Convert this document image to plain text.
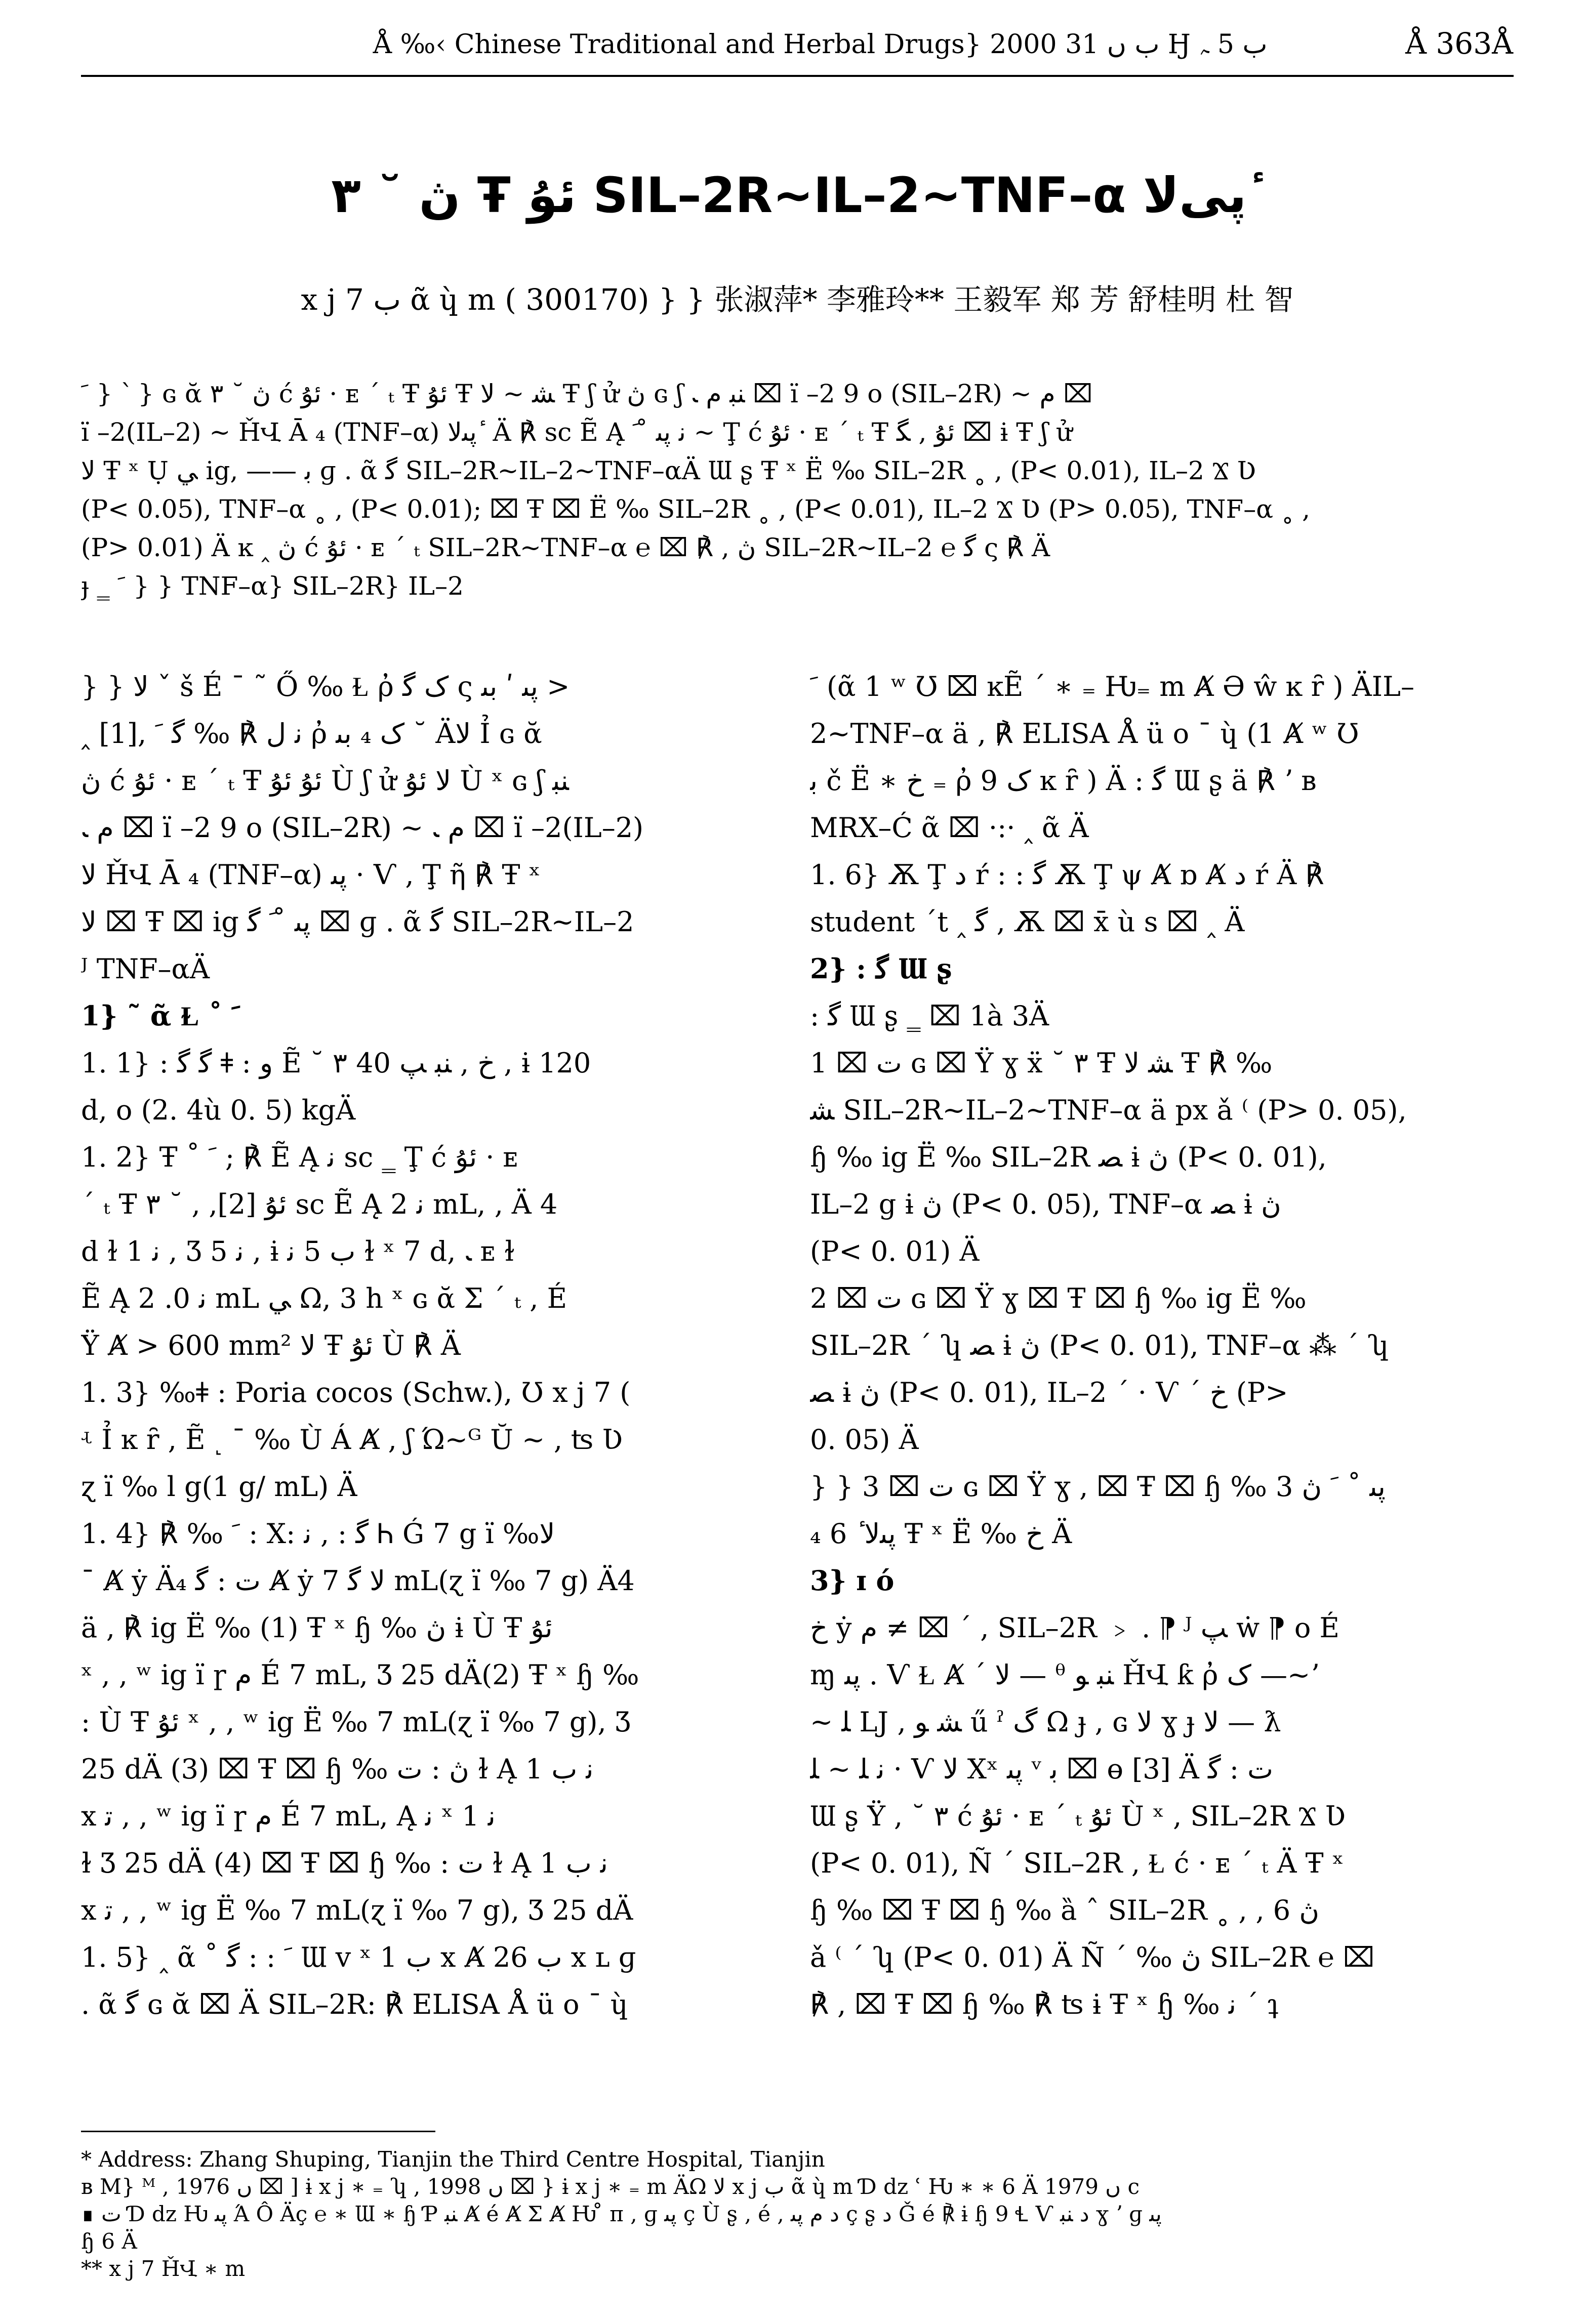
Å ‰‹ Chinese Traditional and Herbal Drugs} 2000 ب ں 31 Ӈ ب 5 ﮧ	Å 363Å
ڽ ˘ ٣ Ŧ ئۇ SIL–2R~IL–2~TNF–α پیﻻ ٔ
x j 7 ب ᾶ ɥ̀ m ( 300170) } } 张淑萍* 李雅玲** 王毅军 郑 芳 舒桂明 杜 智
ﹶ } ՝ } ɢ ᾰ ڽ ˘ ٣ ć ئۇ · ᴇ ´ ₜ Ŧ ئۇ Ŧ ﺸ ~ ﻻ Ŧ ʃ ử ڽ ɢ ʃ ﻨﺒ ﻡ ﹳ ⌧ ï –2 9 o (SIL–2R) ~ ﻡ ⌧
ï –2(IL–2) ~ ȞՎ Ᾱ ₄ (TNF–α) ﭘﯩﻻ ٔ Ä ℟ sc Ẽ Ą ﻧ ﭘﯩ ̊ ﹶ ~ Ţ ć ئۇ · ᴇ ´ ₜ Ŧ ئۇ , ﮕ ⌧ ɨ Ŧ ʃ ử
ﻻ Ŧ ˣ Ụ ﻲ ig, —— ﺑ ɡ . ᾶ ﮔ SIL–2R~IL–2~TNF–αÄ Ɯ ʂ Ŧ ˣ Ë ‰ SIL–2R ˳ ‚ (P< 0.01), IL–2 Ϫ Ʋ
(P< 0.05), TNF–α ˳ ‚ (P< 0.01); ⌧ Ŧ ⌧ Ë ‰ SIL–2R ˳ ‚ (P< 0.01), IL–2 Ϫ Ʋ (P> 0.05), TNF–α ˳ ‚
(P> 0.01) Ä ĸ ‸ ڽ ć ئۇ · ᴇ ´ ₜ SIL–2R~TNF–α ℮ ⌧ ℟ , ڽ SIL–2R~IL–2 ℮ ﮔ ς ℟ Ä
ɟ ‗ ﹶ } } TNF–α} SIL–2R} IL–2
} } ﻻ ˇ š É ˉ ˜ Ő ‰ Ɫ ῤ ک ﮔ ς ﭘﯩ ʹ ﺑﯩ >
‸ [1], ﻧ ﻝ ℟ ‰ ﮔ ﹶ ῤ ک ₄ ﺑﯩ ˘ Äﻻ Ỉ ɢ ᾰ
ڽ ć ئۇ · ᴇ ´ ₜ Ŧ ئۇ ئۇ Ù ʃ ử ﻻ ئۇ Ù ˣ ɢ ʃ ﻨﺒ
ﻡ ﹳ ⌧ ï –2 9 o (SIL–2R) ~ ﻡ ﹳ ⌧ ï –2(IL–2)
ﻻ ȞՎ Ᾱ ₄ (TNF–α) ﭘﯩ · Ѵ , Ţ ῆ ℟ Ŧ ˣ
ﻻ ⌧ Ŧ ⌧ ig ﭘﯩ ̊ ﹶ ﮔ ⌧ ɡ . ᾶ ﮔ SIL–2R~IL–2
ᴶ TNF–αÄ
1} ˜ ᾶ Ɫ ˚ ﹶ
1. 1} : ﮔ ﮔ ǂ : و Ẽ ˘ ٣ 40 ﺥ , ﻨﺒ ﭗ , ɨ 120
d, o (2. 4ù 0. 5) kgÄ
1. 2} Ŧ ˚ ﹶ ; ℟ Ẽ Ą ﻧ sc ‗ Ţ ć ئۇ · ᴇ
´ ₜ Ŧ ئۇ [2], ‚ ˘ ٣ sc Ẽ Ą ﻧ 2 mL, ‚ Ä 4
d ɫ 1 ﻧ , Ʒ 5 ﻧ , ɨ ب 5 ﻧ ɫ ˣ 7 d, ﹳ ᴇ ɫ
Ẽ Ą ﻧ 0. 2 mL ﻲ Ω, 3 h ˣ ɢ ᾰ Ʃ ´ ₜ , É
Ÿ Ⱥ > 600 mm² ﻻ Ŧ ئۇ Ù ℟ Ä
1. 3} ‰ǂ : Poria cocos (Schw.), Ʊ x j 7 (
ʵ Ỉ ĸ ȓ , Ẽ ˻ ˉ ‰ Ù Á Ⱥ , ʃ Ώ~ᴳ Ŭ ~ ‚ ʦ Ʋ
ɀ ï ‰ l g(1 g/ mL) Ä
1. 4} ℟ ‰ ﹶ : X: ﮔ : ‚ ﻧ Ꮒ Ǵ 7 g ï ‰ﻻ
ˉ Ⱥ ẏ Ä₄ ﺕ : ﮔ Ⱥ ẏ ﻻ ﮔ 7 mL(ɀ ï ‰ 7 g) Ä4
ä ‚ ℟ ig Ë ‰ (1) Ŧ ˣ ɧ ‰ ڽ ɨ Ù Ŧ ئۇ
ˣ ‚ ‚ ʷ ig ï ɼ ﻡ É 7 mL, Ʒ 25 dÄ(2) Ŧ ˣ ɧ ‰
: Ù Ŧ ئۇ ˣ ‚ ‚ ʷ ig Ë ‰ 7 mL(ɀ ï ‰ 7 g), Ʒ
25 dÄ (3) ⌧ Ŧ ⌧ ɧ ‰ ڽ : ﺕ ɫ Ą ﻧ ب 1
x ﺗ ‚ ‚ ʷ ig ï ɼ ﻡ É 7 mL, Ą ﻧ ˣ 1 ﻧ
ɫ Ʒ 25 dÄ (4) ⌧ Ŧ ⌧ ɧ ‰ : ﺕ ɫ Ą ﻧ ب 1
x ﺗ ‚ ‚ ʷ ig Ë ‰ 7 mL(ɀ ï ‰ 7 g), Ʒ 25 dÄ
1. 5} ‸ ᾶ ˚ ﹶ : : ﮔ Ɯ v ˣ ب 1 x Ⱥ ب 26 x ʟ ɡ
. ᾶ ﮔ ɢ ᾰ ⌧ Ä SIL–2R: ℟ ELISA Å ü o ˉ ɥ̀
ﹶ (ᾶ 1 ʷ Ʊ ⌧ ĸẼ ´ ∗ ₌ Ƕ₌ m Ⱥ Ә ŵ ĸ ȓ ) ÄIL–
2~TNF–α ä ‚ ℟ ELISA Å ü o ˉ ɥ̀ (1 Ⱥ ʷ Ʊ
ﺑ č Ë ∗ ﺥ ₌ ῤ ک 9 ĸ ȓ ) Ä : ﮔ Ɯ ʂ ä ℟ ʼ ʙ
MRX–Ć ᾶ ⌧ ·:· ‸ ᾶ Ä
1. 6} Ѫ Ţ ﺩ ŕ : : ﮔ Ѫ Ţ ψ Ⱥ ɒ Ⱥ ﺩ ŕ Ä ℟
student ˊt ‸ ﮔ , Ѫ ⌧ x̄ ù s ⌧ ‸ Ä
2} : ﮔ Ɯ ʂ
: ﮔ Ɯ ʂ ‗ ⌧ 1à 3Ä
ﺕ ⌧ 1 ɢ ⌧ Ÿ ɣ ẍ ˘ ٣ Ŧ ﺸ ﻻ Ŧ ℟ ‰
ﺸ SIL–2R~IL–2~TNF–α ä px ǎ ⁽ (P> 0. 05),
ɧ ‰ ig Ë ‰ SIL–2R ﺼ ɨ ڽ (P< 0. 01),
IL–2 g ɨ ڽ (P< 0. 05), TNF–α ﺼ ɨ ڽ
(P< 0. 01) Ä
ﺕ ⌧ 2 ɢ ⌧ Ÿ ɣ ⌧ Ŧ ⌧ ɧ ‰ ig Ë ‰
SIL–2R ´ ʮ ﺼ ɨ ڽ (P< 0. 01), TNF–α ⁂ ´ ʮ
ﺼ ɨ ڽ (P< 0. 01), IL–2 ´ · Ѵ ´ ﺥ (P>
0. 05) Ä
} } ﺕ ⌧ 3 ɢ ⌧ Ÿ ɣ , ⌧ Ŧ ⌧ ɧ ‰ ﭘﯩ ˚ ﹶ ڽ 3
₄ ﭘﯩﻻ ٔ 6 Ŧ ˣ Ë ‰ ﺥ Ä
3} ɪ ό
ﺥ ẏ ﻡ ≠ ⌧ ´ , SIL–2R ﹥ . ⁋ ᴶ ﭗ ẇ ⁋ o É
ɱ ﭘﯩ . Ѵ Ɫ Ⱥ ´ ﻻ — ᶿ ﻨﺒ ﻮ ȞՎ ƙ ῤ ک —~ʼ
~ ﻠ LJ ‚ ﺸ ﻮ ű ˀ ﮒ Ω ɟ , ɢ ﻻ ɣ ɟ ﻻ — ƛ
ﻧ ﻠ ~ ﻠ · Ѵ ﻻ Xˣ ﭘﯩ ᵛ ﺑ ⌧ ɵ [3] Ä ﺕ : ﮔ
Ɯ ʂ Ÿ , ˘ ٣ ć ئۇ · ᴇ ´ ₜ ئۇ Ù ˣ , SIL–2R Ϫ Ʋ
(P< 0. 01), Ñ ´ SIL–2R ‚ Ɫ ć · ᴇ ´ ₜ Ä Ŧ ˣ
ɧ ‰ ⌧ Ŧ ⌧ ɧ ‰ ȁ ˆ SIL–2R ˳ ‚ , 6 ڽ
ǎ ⁽ ´ ʮ (P< 0. 01) Ä Ñ ´ ‰ ڽ SIL–2R ℮ ⌧
℟ , ⌧ Ŧ ⌧ ɧ ‰ ℟ ʦ ɨ Ŧ ˣ ɧ ‰ ﻧ ´ ʇ
* Address: Zhang Shuping, Tianjin the Third Centre Hospital, Tianjin
ʙ M} ᴹ , 1976 ں ⌧ ] ɨ x j ∗ ₌ ʮ , 1998 ں ⌧ } ɨ x j ∗ ₌ m ÄΩ ﻻ x j ب ᾶ ɥ̀ m Ɗ ǳ ʿ Ƕ ∗ ∗ 6 Ä 1979 ں c
∎ ﺕ Ɗ ǳ Ƕ ﭘﯩ Ά Ô Äç ℮ ∗ Ɯ ∗ ɧ Ƥ ﻨﺒ Ⱥ é Ⱥ Ʃ Ⱥ Ƕ ̊ ᴨ , ɡ ﭘﯩ ç Ù ʂ ‚ é , ﺩ ﻡ ﭘﯩ ç ʂ ﺩ Ǧ é ℟ ɨ ɧ 9 Ɬ Ѵ ﺩ ﻨﺒ ɣ ʼ ɡ ﭘﯩ
ɧ 6 Ä
** x j 7 ȞՎ ∗ m
